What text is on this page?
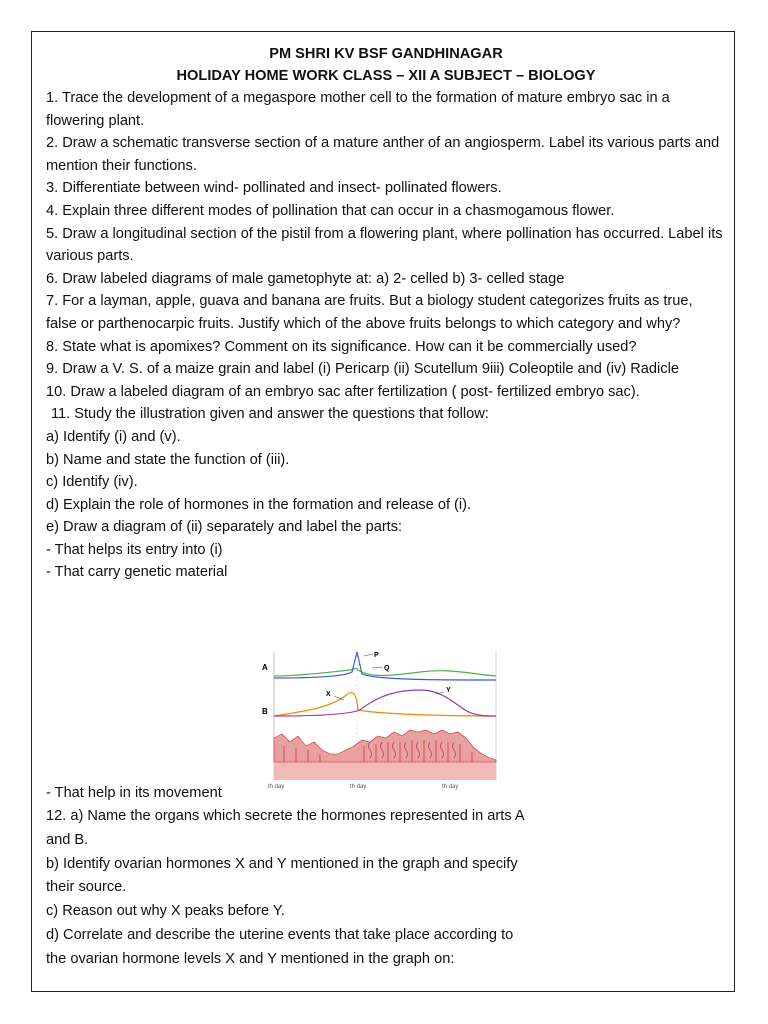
PM SHRI KV BSF GANDHINAGAR
HOLIDAY HOME WORK CLASS – XII A SUBJECT – BIOLOGY

1. Trace the development of a megaspore mother cell to the formation of mature embryo sac in a flowering plant.

2. Draw a schematic transverse section of a mature anther of an angiosperm. Label its various parts and mention their functions.

3. Differentiate between wind- pollinated and insect- pollinated flowers.

4. Explain three different modes of pollination that can occur in a chasmogamous flower.

5. Draw a longitudinal section of the pistil from a flowering plant, where pollination has occurred. Label its various parts.

6. Draw labeled diagrams of male gametophyte at: a) 2- celled b) 3- celled stage

7. For a layman, apple, guava and banana are fruits. But a biology student categorizes fruits as true, false or parthenocarpic fruits. Justify which of the above fruits belongs to which category and why?

8. State what is apomixes? Comment on its significance. How can it be commercially used?

9. Draw a V. S. of a maize grain and label (i) Pericarp (ii) Scutellum 9iii) Coleoptile and (iv) Radicle

10. Draw a labeled diagram of an embryo sac after fertilization ( post- fertilized embryo sac).

11. Study the illustration given and answer the questions that follow:

a) Identify (i) and (v).

b) Name and state the function of (iii).

c) Identify (iv).

d) Explain the role of hormones in the formation and release of (i).

e) Draw a diagram of (ii) separately and label the parts:

- That helps its entry into (i)

- That carry genetic material

A
P
Q
B
X
Y
th day	th day	th day

- That help in its movement

12. a) Name the organs which secrete the hormones represented in arts A

and B.

b) Identify ovarian hormones X and Y mentioned in the graph and specify

their source.

c) Reason out why X peaks before Y.

d) Correlate and describe the uterine events that take place according to

the ovarian hormone levels X and Y mentioned in the graph on:
